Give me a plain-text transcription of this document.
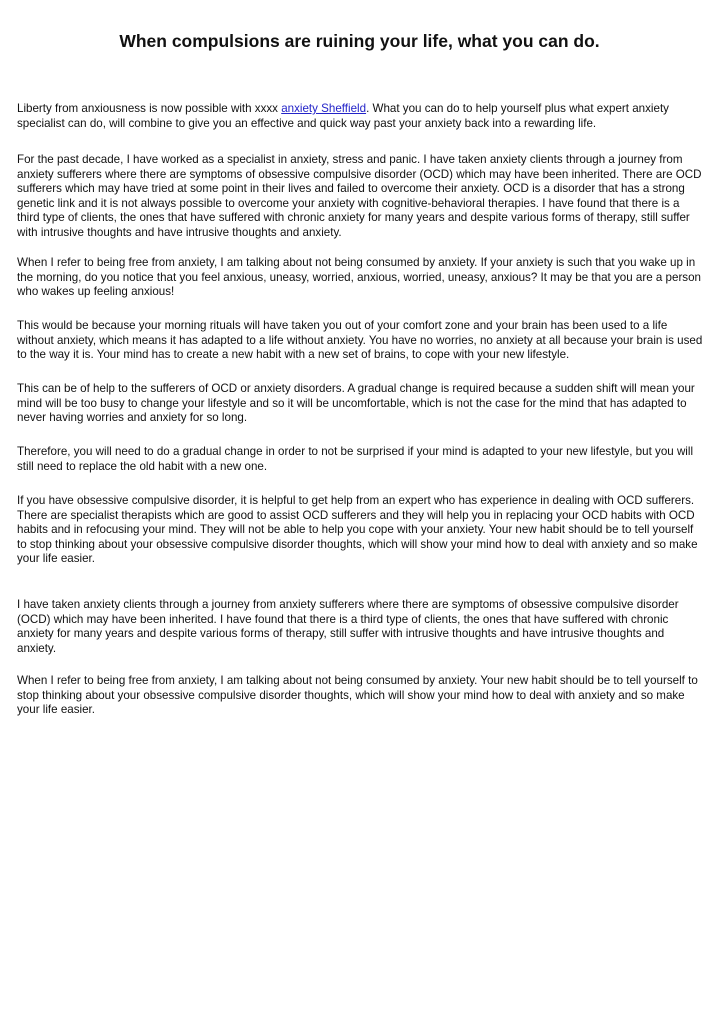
When compulsions are ruining your life, what you can do.

Liberty from anxiousness is now possible with xxxx anxiety Sheffield. What you can do to help yourself plus what expert anxiety specialist can do, will combine to give you an effective and quick way past your anxiety back into a rewarding life.

For the past decade, I have worked as a specialist in anxiety, stress and panic. I have taken anxiety clients through a journey from anxiety sufferers where there are symptoms of obsessive compulsive disorder (OCD) which may have been inherited. There are OCD sufferers which may have tried at some point in their lives and failed to overcome their anxiety. OCD is a disorder that has a strong genetic link and it is not always possible to overcome your anxiety with cognitive-behavioral therapies. I have found that there is a third type of clients, the ones that have suffered with chronic anxiety for many years and despite various forms of therapy, still suffer with intrusive thoughts and have intrusive thoughts and anxiety.

When I refer to being free from anxiety, I am talking about not being consumed by anxiety. If your anxiety is such that you wake up in the morning, do you notice that you feel anxious, uneasy, worried, anxious, worried, uneasy, anxious? It may be that you are a person who wakes up feeling anxious!

This would be because your morning rituals will have taken you out of your comfort zone and your brain has been used to a life without anxiety, which means it has adapted to a life without anxiety. You have no worries, no anxiety at all because your brain is used to the way it is. Your mind has to create a new habit with a new set of brains, to cope with your new lifestyle.

This can be of help to the sufferers of OCD or anxiety disorders. A gradual change is required because a sudden shift will mean your mind will be too busy to change your lifestyle and so it will be uncomfortable, which is not the case for the mind that has adapted to never having worries and anxiety for so long.

Therefore, you will need to do a gradual change in order to not be surprised if your mind is adapted to your new lifestyle, but you will still need to replace the old habit with a new one.

If you have obsessive compulsive disorder, it is helpful to get help from an expert who has experience in dealing with OCD sufferers. There are specialist therapists which are good to assist OCD sufferers and they will help you in replacing your OCD habits with OCD habits and in refocusing your mind. They will not be able to help you cope with your anxiety. Your new habit should be to tell yourself to stop thinking about your obsessive compulsive disorder thoughts, which will show your mind how to deal with anxiety and so make your life easier.

I have taken anxiety clients through a journey from anxiety sufferers where there are symptoms of obsessive compulsive disorder (OCD) which may have been inherited. I have found that there is a third type of clients, the ones that have suffered with chronic anxiety for many years and despite various forms of therapy, still suffer with intrusive thoughts and have intrusive thoughts and anxiety.

When I refer to being free from anxiety, I am talking about not being consumed by anxiety. Your new habit should be to tell yourself to stop thinking about your obsessive compulsive disorder thoughts, which will show your mind how to deal with anxiety and so make your life easier.
